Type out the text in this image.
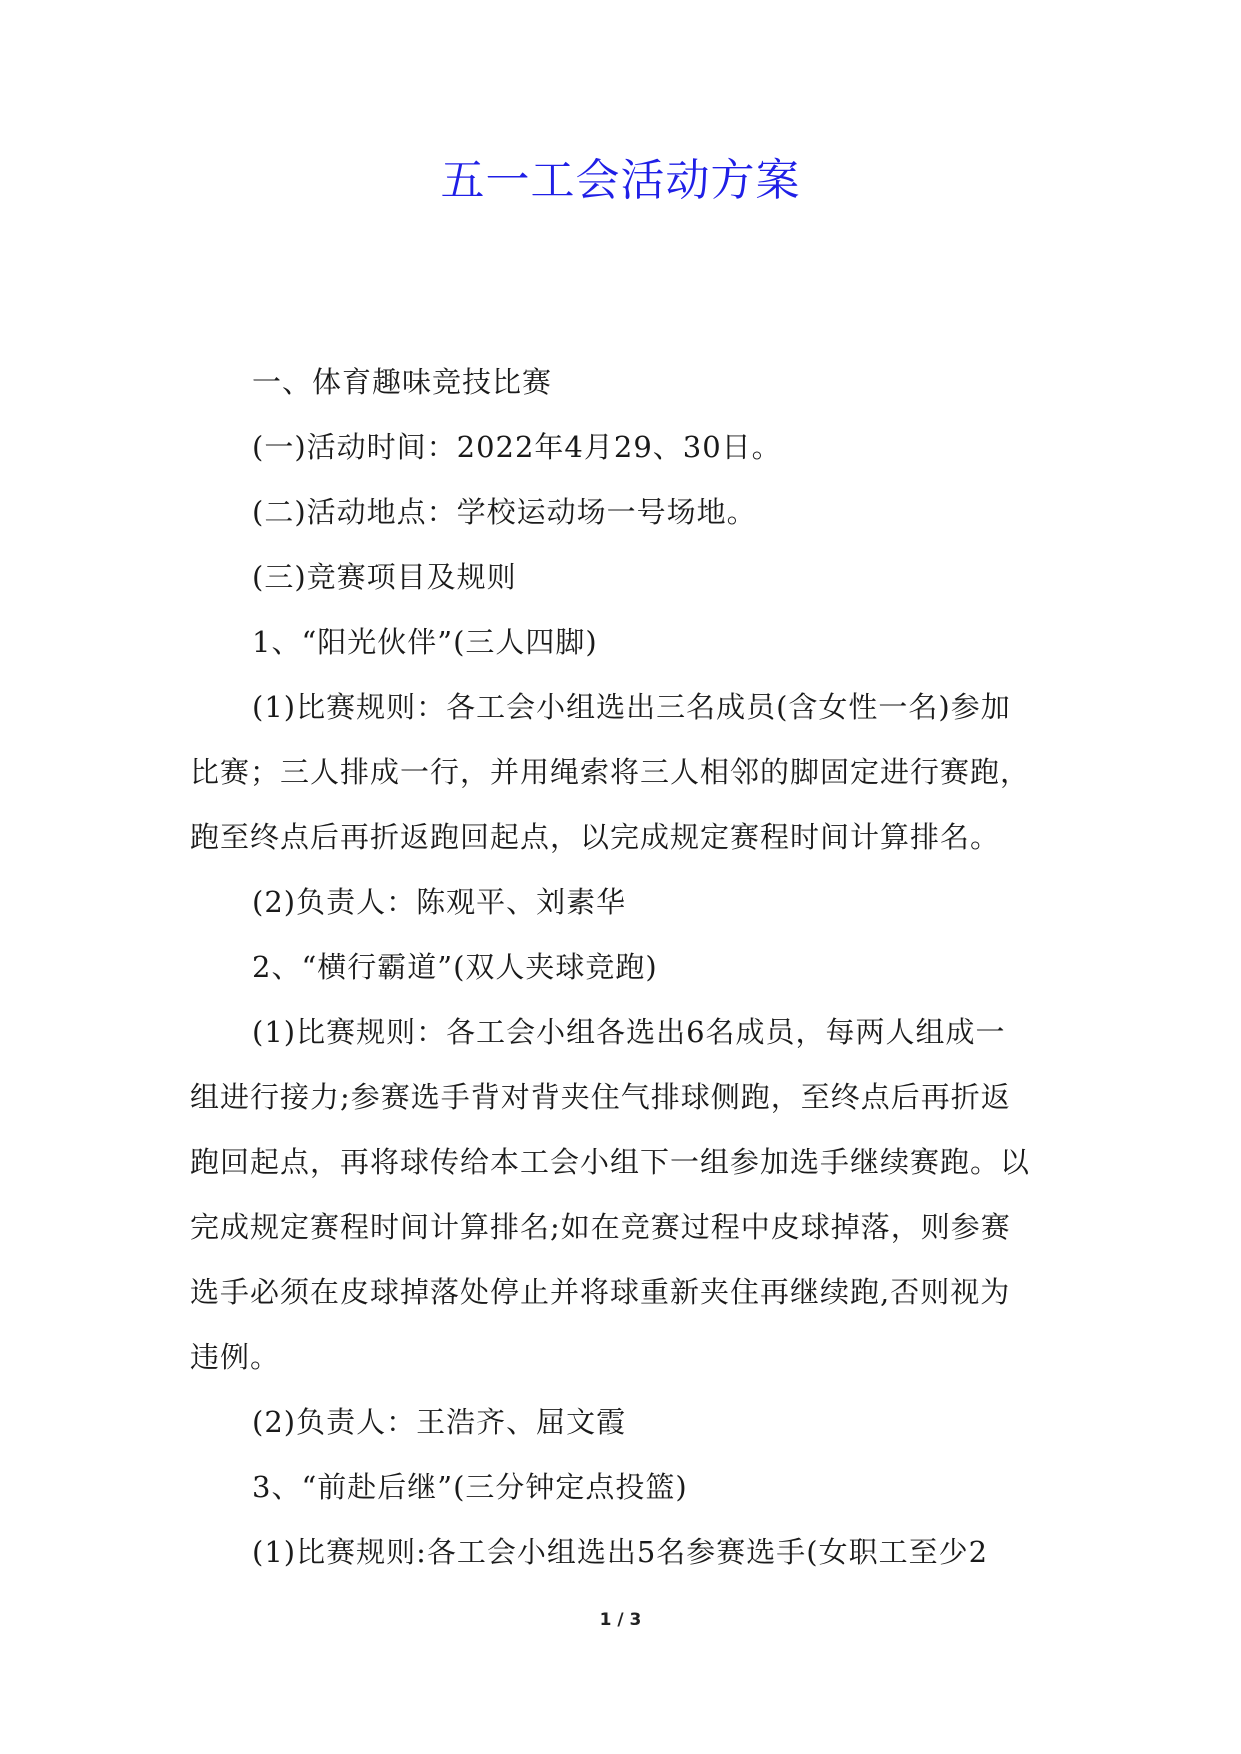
五一工会活动方案

一、体育趣味竞技比赛

(一)活动时间：2022年4月29、30日。

(二)活动地点：学校运动场一号场地。

(三)竞赛项目及规则

1、“阳光伙伴”(三人四脚)

(1)比赛规则：各工会小组选出三名成员(含女性一名)参加

比赛；三人排成一行，并用绳索将三人相邻的脚固定进行赛跑，

跑至终点后再折返跑回起点，以完成规定赛程时间计算排名。

(2)负责人：陈观平、刘素华

2、“横行霸道”(双人夹球竞跑)

(1)比赛规则：各工会小组各选出6名成员，每两人组成一

组进行接力;参赛选手背对背夹住气排球侧跑，至终点后再折返

跑回起点，再将球传给本工会小组下一组参加选手继续赛跑。以

完成规定赛程时间计算排名;如在竞赛过程中皮球掉落，则参赛

选手必须在皮球掉落处停止并将球重新夹住再继续跑,否则视为

违例。

(2)负责人：王浩齐、屈文霞

3、“前赴后继”(三分钟定点投篮)

(1)比赛规则:各工会小组选出5名参赛选手(女职工至少2

1 / 3
